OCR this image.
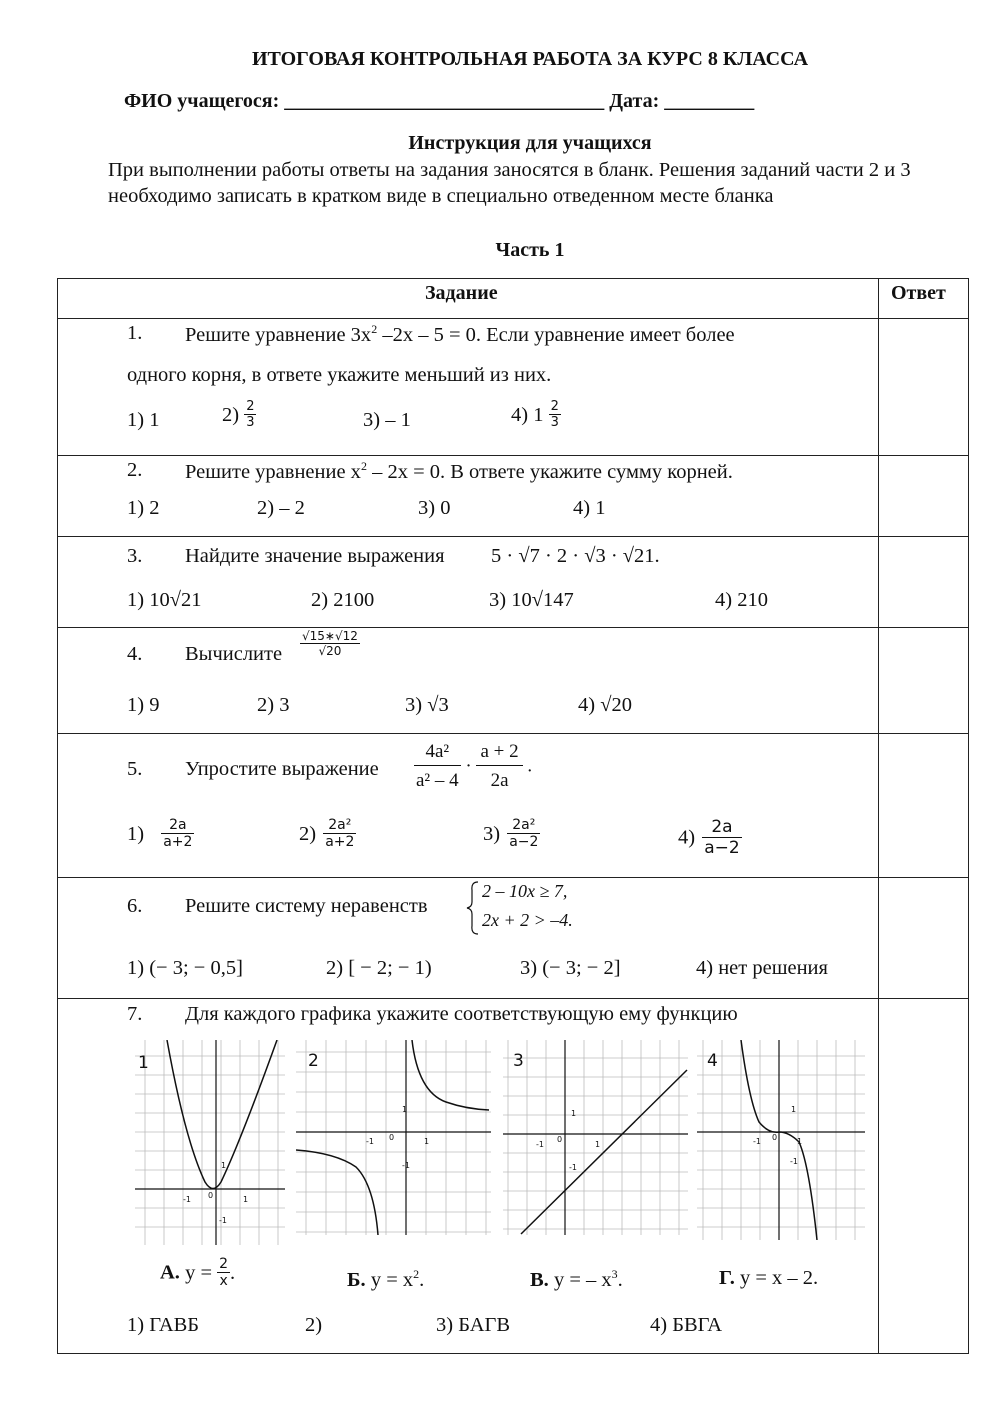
ИТОГОВАЯ КОНТРОЛЬНАЯ РАБОТА ЗА КУРС 8 КЛАССА
ФИО учащегося: ________________________________ Дата: _________
Инструкция для учащихся
При выполнении работы ответы на задания заносятся в бланк. Решения заданий части 2 и 3 необходимо записать в кратком виде в специально отведенном месте бланка
Часть 1
Задание	Ответ
1. Решите уравнение $3x^2$ –2x – 5 = 0. Если уравнение имеет более
одного корня, в ответе укажите меньший из них.
1) 1	$2) \frac{2}{3}$	3) – 1	4) $1 \frac{2}{3}$
2. Решите уравнение $x^2 - 2x = 0$. В ответе укажите сумму корней.
1) 2	2) – 2	3) 0	4) 1
3. Найдите значение выражения 5 · √7 · 2 · √3 · √21.
1) 10√21	2) 2100	3) 10√147	4) 210
4. Вычислите $\frac{√15∗√12}{√20}$
1) 9	2) 3	3) √3	4) √20
5. Упростите выражение $\frac{\text{4a²}}{\text{a² – 4}} \cdot \frac{a + 2}{2a}$ .
$1) \frac{2a}{a+2}$	$2) \frac{\text{2a²}}{a+2}$	$3) \frac{\text{2a²}}{a-2}$	$4) \frac{2a}{a-2}$
6. Решите систему неравенств
2 – 10x ≥ 7,
2x + 2 > –4.
1) (− 3; − 0,5]	2) [ − 2; − 1)	3) (− 3; − 2]	4) нет решения
7. Для каждого графика укажите соответствующую ему функцию
1
1
-1 0	1
-1
2
1
-1 0	1
-1
3
1
-1
0
1
-1
4
1
-1 0 1
-1
А. $y = \frac{2}{x}$ .	Б. $y = x^2$.	В. y = – $x^3$.	Г. y = x – 2.
1) ГАВБ	2)	3) БАГВ	4) БВГА
